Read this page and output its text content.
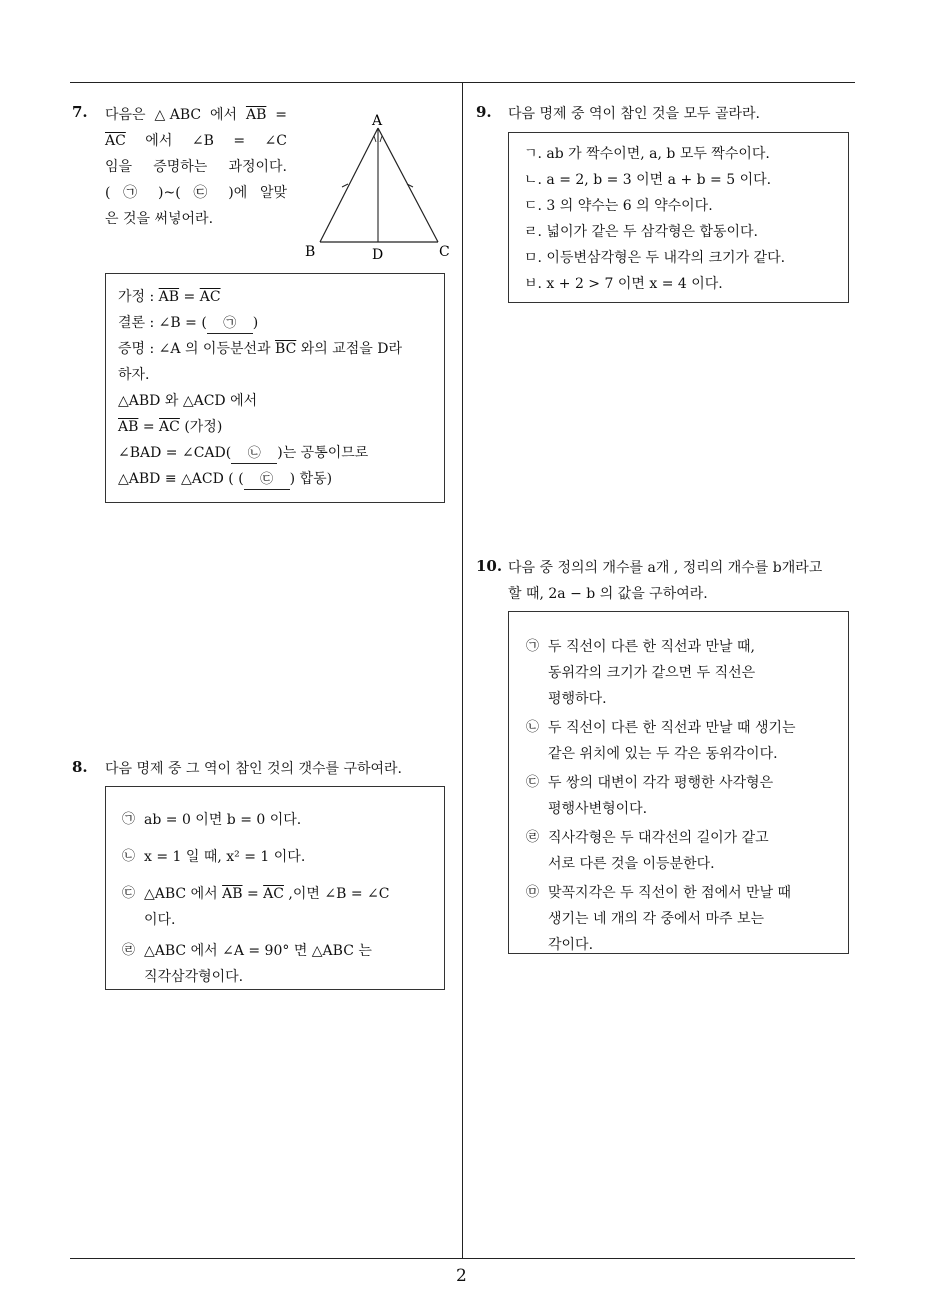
2
7. 다음은 △ABC 에서 $\overline{AB}$ =
$\overline{AC}$ 에서 ∠B = ∠C
임을 증명하는 과정이다.
( ㉠ )~( ㉢ )에 알맞
은 것을 써넣어라.
A
B	C
D
가정 : $\overline{AB} = \overline{AC}$
결론 : ∠B = ( ㉠ )
증명 : ∠A 의 이등분선과 $\overline{BC}$ 와의 교점을 D라
하자.
△ABD 와 △ACD 에서
$\overline{AB} = \overline{AC}$ (가정)
∠BAD = ∠CAD( ㉡ )는 공통이므로
△ABD ≡ △ACD ( ( ㉢ ) 합동)
8. 다음 명제 중 그 역이 참인 것의 갯수를 구하여라.
㉠ ab = 0 이면 b = 0 이다.
㉡ x = 1 일 때, x² = 1 이다.
㉢ △ABC 에서 $\overline{AB} = \overline{AC}$ ,이면 ∠B = ∠C
이다.
㉣ △ABC 에서 ∠A = 90° 면 △ABC 는
직각삼각형이다.
9. 다음 명제 중 역이 참인 것을 모두 골라라.
ㄱ. ab 가 짝수이면, a, b 모두 짝수이다.
ㄴ. a = 2, b = 3 이면 a + b = 5 이다.
ㄷ. 3 의 약수는 6 의 약수이다.
ㄹ. 넓이가 같은 두 삼각형은 합동이다.
ㅁ. 이등변삼각형은 두 내각의 크기가 같다.
ㅂ. x + 2 > 7 이면 x = 4 이다.
10. 다음 중 정의의 개수를 a개 , 정리의 개수를 b개라고
할 때, 2a − b 의 값을 구하여라.
㉠ 두 직선이 다른 한 직선과 만날 때,
동위각의 크기가 같으면 두 직선은
평행하다.
㉡ 두 직선이 다른 한 직선과 만날 때 생기는
같은 위치에 있는 두 각은 동위각이다.
㉢ 두 쌍의 대변이 각각 평행한 사각형은
평행사변형이다.
㉣ 직사각형은 두 대각선의 길이가 같고
서로 다른 것을 이등분한다.
㉤ 맞꼭지각은 두 직선이 한 점에서 만날 때
생기는 네 개의 각 중에서 마주 보는
각이다.
